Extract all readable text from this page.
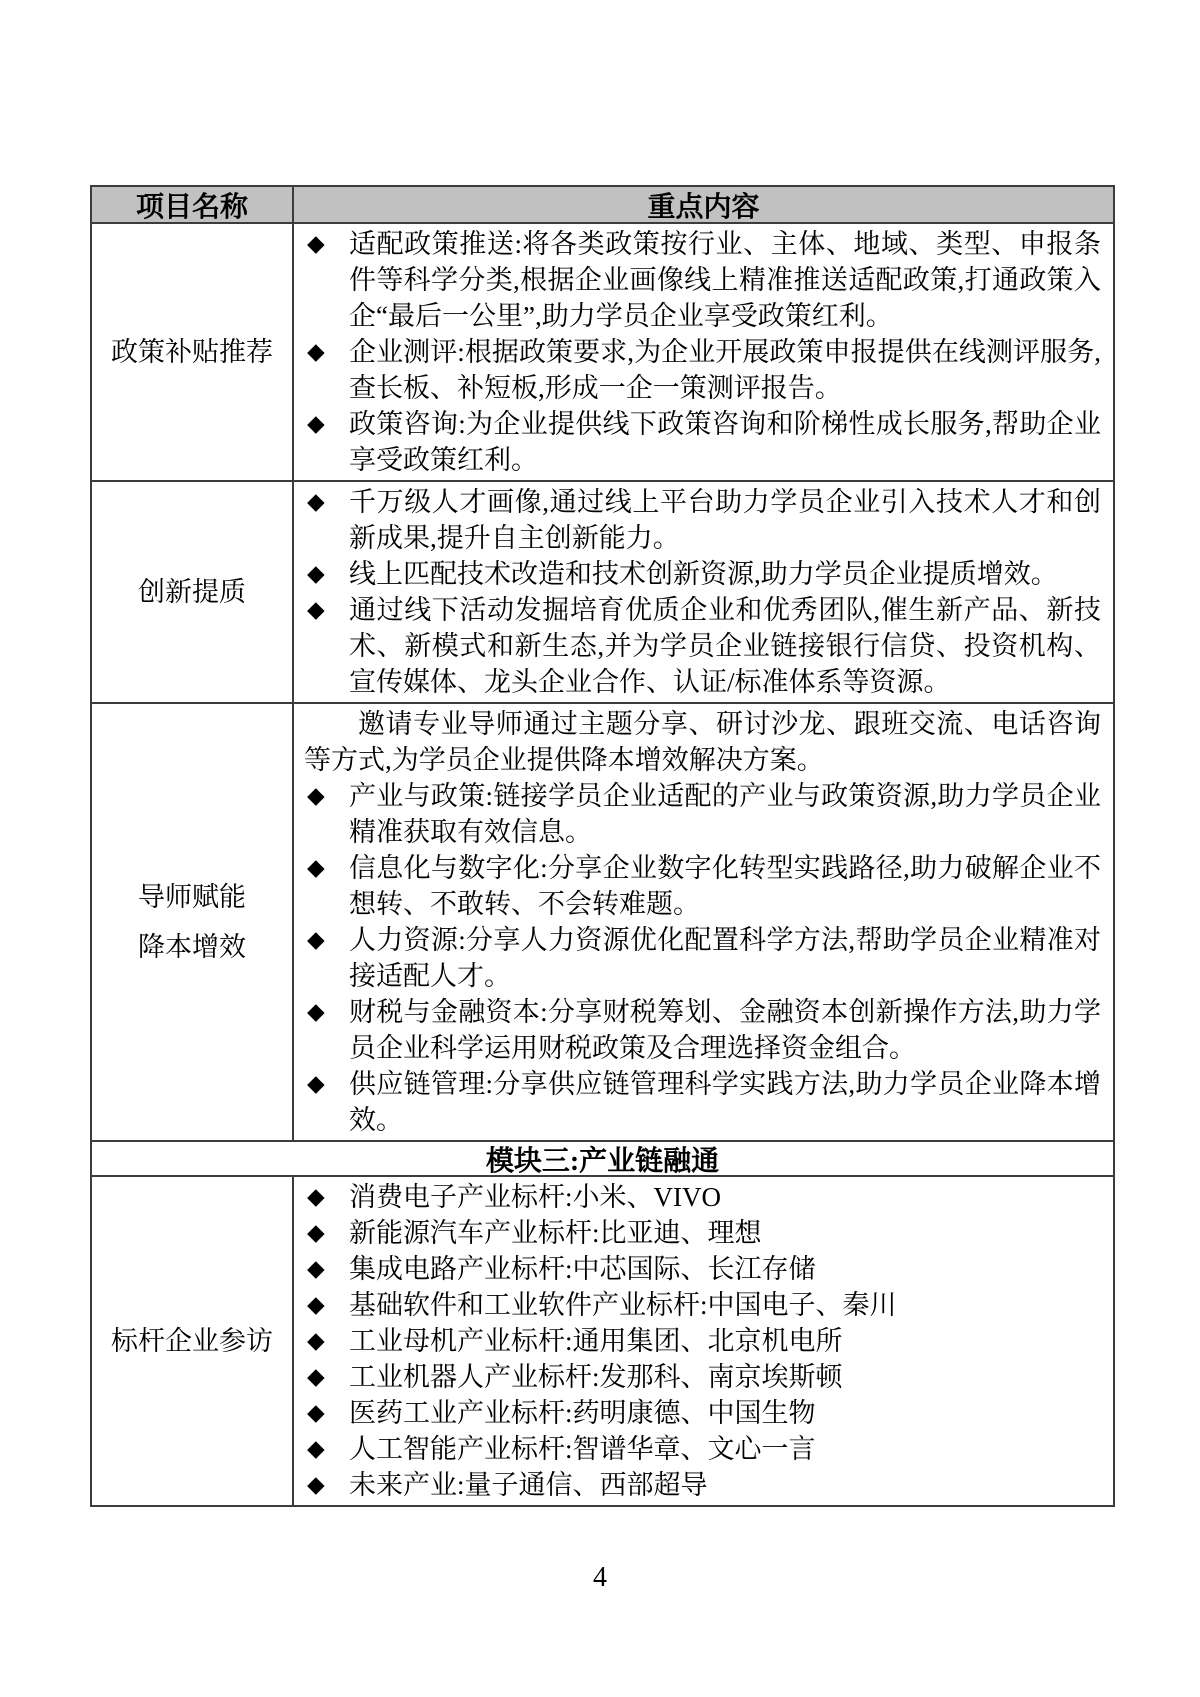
项目名称	重点内容
政策补贴推荐
◆ 适配政策推送:将各类政策按行业、主体、地域、类型、申报条件等科学分类,根据企业画像线上精准推送适配政策,打通政策入企“最后一公里”,助力学员企业享受政策红利。
◆ 企业测评:根据政策要求,为企业开展政策申报提供在线测评服务,查长板、补短板,形成一企一策测评报告。
◆ 政策咨询:为企业提供线下政策咨询和阶梯性成长服务,帮助企业享受政策红利。
创新提质
◆ 千万级人才画像,通过线上平台助力学员企业引入技术人才和创新成果,提升自主创新能力。
◆ 线上匹配技术改造和技术创新资源,助力学员企业提质增效。
◆ 通过线下活动发掘培育优质企业和优秀团队,催生新产品、新技术、新模式和新生态,并为学员企业链接银行信贷、投资机构、宣传媒体、龙头企业合作、认证/标准体系等资源。
导师赋能
降本增效
邀请专业导师通过主题分享、研讨沙龙、跟班交流、电话咨询等方式,为学员企业提供降本增效解决方案。
◆ 产业与政策:链接学员企业适配的产业与政策资源,助力学员企业精准获取有效信息。
◆ 信息化与数字化:分享企业数字化转型实践路径,助力破解企业不想转、不敢转、不会转难题。
◆ 人力资源:分享人力资源优化配置科学方法,帮助学员企业精准对接适配人才。
◆ 财税与金融资本:分享财税筹划、金融资本创新操作方法,助力学员企业科学运用财税政策及合理选择资金组合。
◆ 供应链管理:分享供应链管理科学实践方法,助力学员企业降本增效。
模块三:产业链融通
标杆企业参访
◆ 消费电子产业标杆:小米、VIVO
◆ 新能源汽车产业标杆:比亚迪、理想
◆ 集成电路产业标杆:中芯国际、长江存储
◆ 基础软件和工业软件产业标杆:中国电子、秦川
◆ 工业母机产业标杆:通用集团、北京机电所
◆ 工业机器人产业标杆:发那科、南京埃斯顿
◆ 医药工业产业标杆:药明康德、中国生物
◆ 人工智能产业标杆:智谱华章、文心一言
◆ 未来产业:量子通信、西部超导
4
